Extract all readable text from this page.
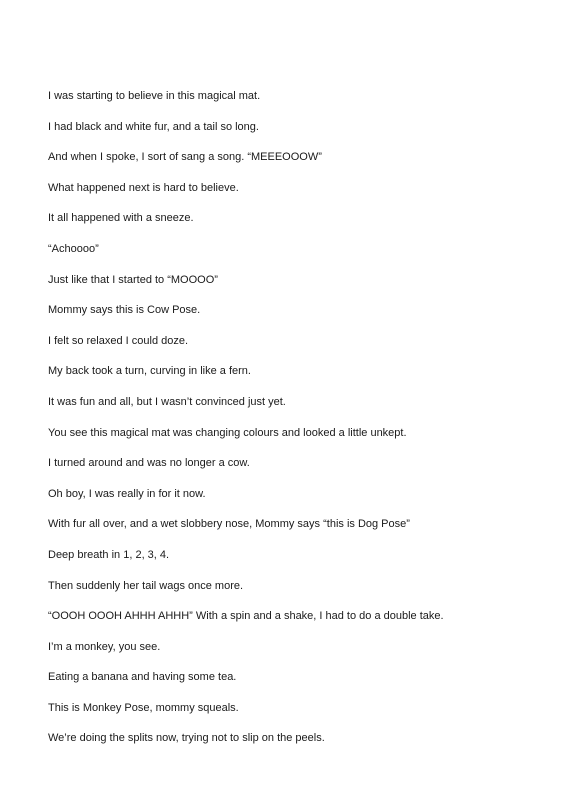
I was starting to believe in this magical mat.
I had black and white fur, and a tail so long.
And when I spoke, I sort of sang a song. “MEEEOOOW”
What happened next is hard to believe.
It all happened with a sneeze.
“Achoooo”
Just like that I started to “MOOOO”
Mommy says this is Cow Pose.
I felt so relaxed I could doze.
My back took a turn, curving in like a fern.
It was fun and all, but I wasn’t convinced just yet.
You see this magical mat was changing colours and looked a little unkept.
I turned around and was no longer a cow.
Oh boy, I was really in for it now.
With fur all over, and a wet slobbery nose, Mommy says “this is Dog Pose”
Deep breath in 1, 2, 3, 4.
Then suddenly her tail wags once more.
“OOOH OOOH AHHH AHHH” With a spin and a shake, I had to do a double take.
I’m a monkey, you see.
Eating a banana and having some tea.
This is Monkey Pose, mommy squeals.
We’re doing the splits now, trying not to slip on the peels.
